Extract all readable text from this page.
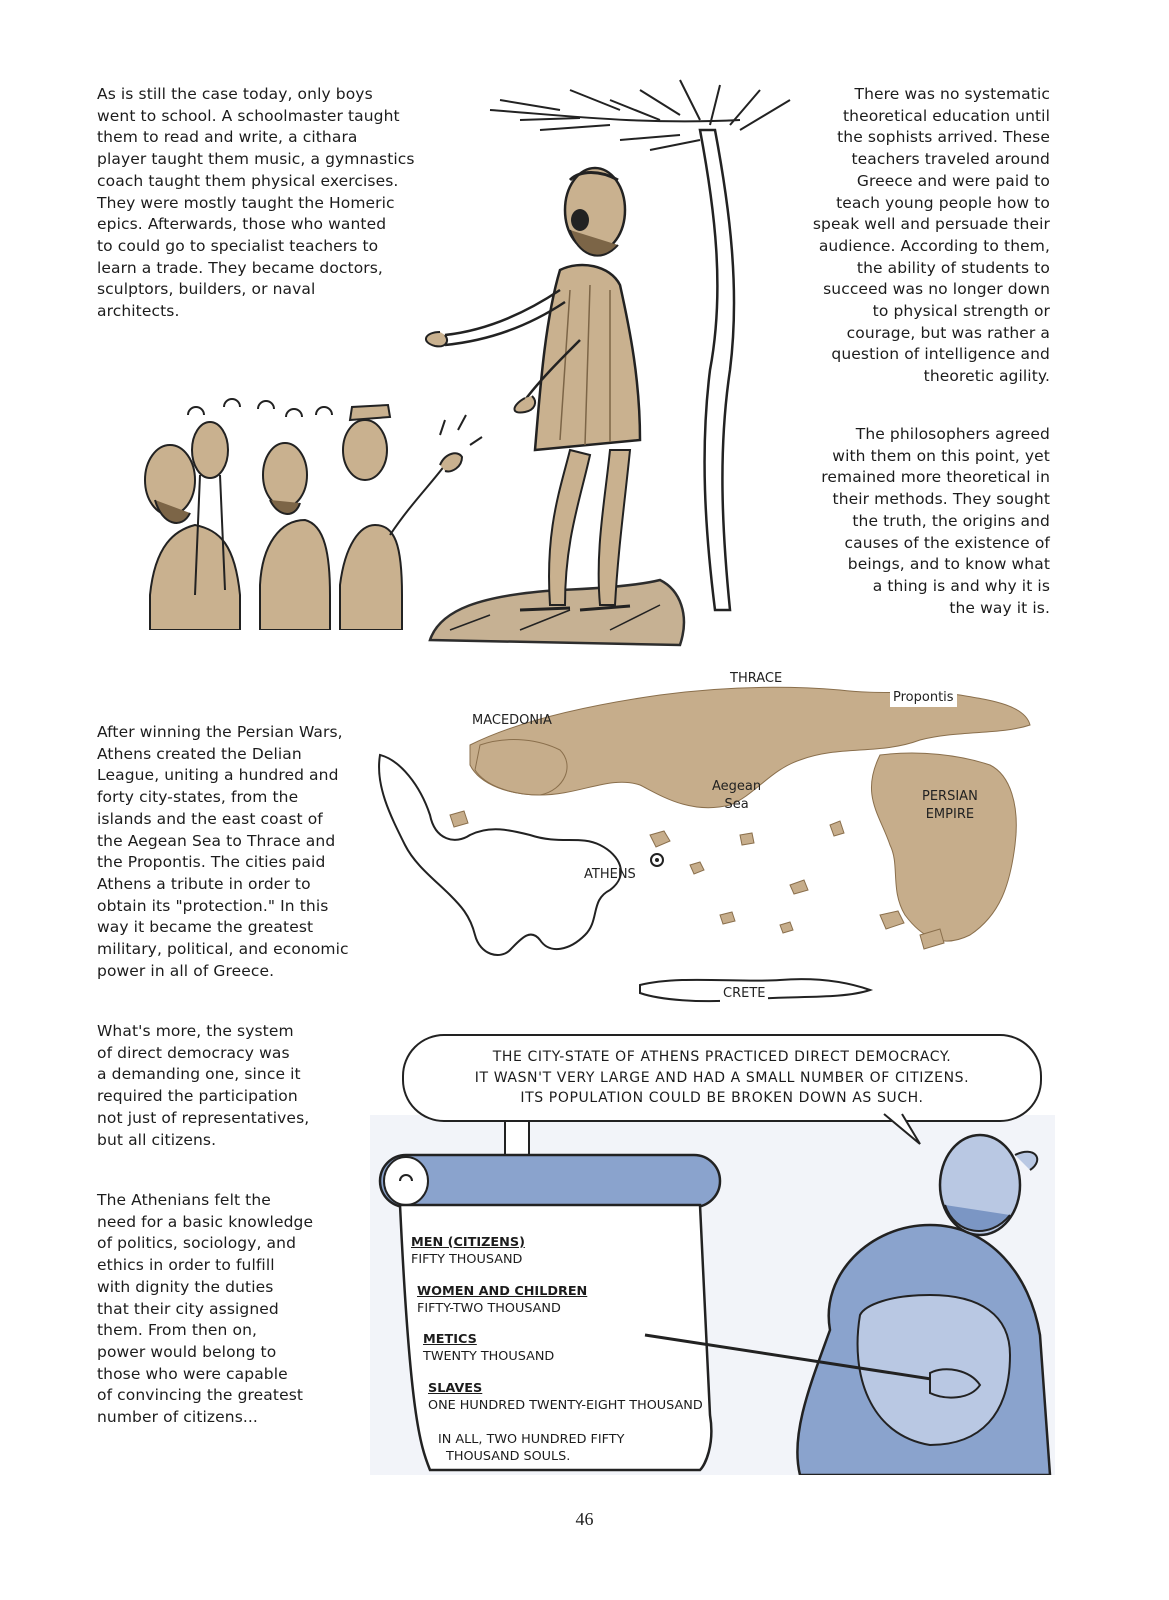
As is still the case today, only boys
went to school. A schoolmaster taught
them to read and write, a cithara
player taught them music, a gymnastics
coach taught them physical exercises.
They were mostly taught the Homeric
epics. Afterwards, those who wanted
to could go to specialist teachers to
learn a trade. They became doctors,
sculptors, builders, or naval
architects.
There was no systematic
theoretical education until
the sophists arrived. These
teachers traveled around
Greece and were paid to
teach young people how to
speak well and persuade their
audience. According to them,
the ability of students to
succeed was no longer down
to physical strength or
courage, but was rather a
question of intelligence and
theoretic agility.
The philosophers agreed
with them on this point, yet
remained more theoretical in
their methods. They sought
the truth, the origins and
causes of the existence of
beings, and to know what
a thing is and why it is
the way it is.
THRACE
Propontis
MACEDONIA
Aegean
Sea
PERSIAN
EMPIRE
ATHENS
CRETE
After winning the Persian Wars,
Athens created the Delian
League, uniting a hundred and
forty city-states, from the
islands and the east coast of
the Aegean Sea to Thrace and
the Propontis. The cities paid
Athens a tribute in order to
obtain its "protection." In this
way it became the greatest
military, political, and economic
power in all of Greece.
What's more, the system
of direct democracy was
a demanding one, since it
required the participation
not just of representatives,
but all citizens.
The Athenians felt the
need for a basic knowledge
of politics, sociology, and
ethics in order to fulfill
with dignity the duties
that their city assigned
them. From then on,
power would belong to
those who were capable
of convincing the greatest
number of citizens...
THE CITY-STATE OF ATHENS PRACTICED DIRECT DEMOCRACY.
IT WASN'T VERY LARGE AND HAD A SMALL NUMBER OF CITIZENS.
ITS POPULATION COULD BE BROKEN DOWN AS SUCH.
MEN (CITIZENS)
FIFTY THOUSAND
WOMEN AND CHILDREN
FIFTY-TWO THOUSAND
METICS
TWENTY THOUSAND
SLAVES
ONE HUNDRED TWENTY-EIGHT THOUSAND
IN ALL, TWO HUNDRED FIFTY
THOUSAND SOULS.
46
